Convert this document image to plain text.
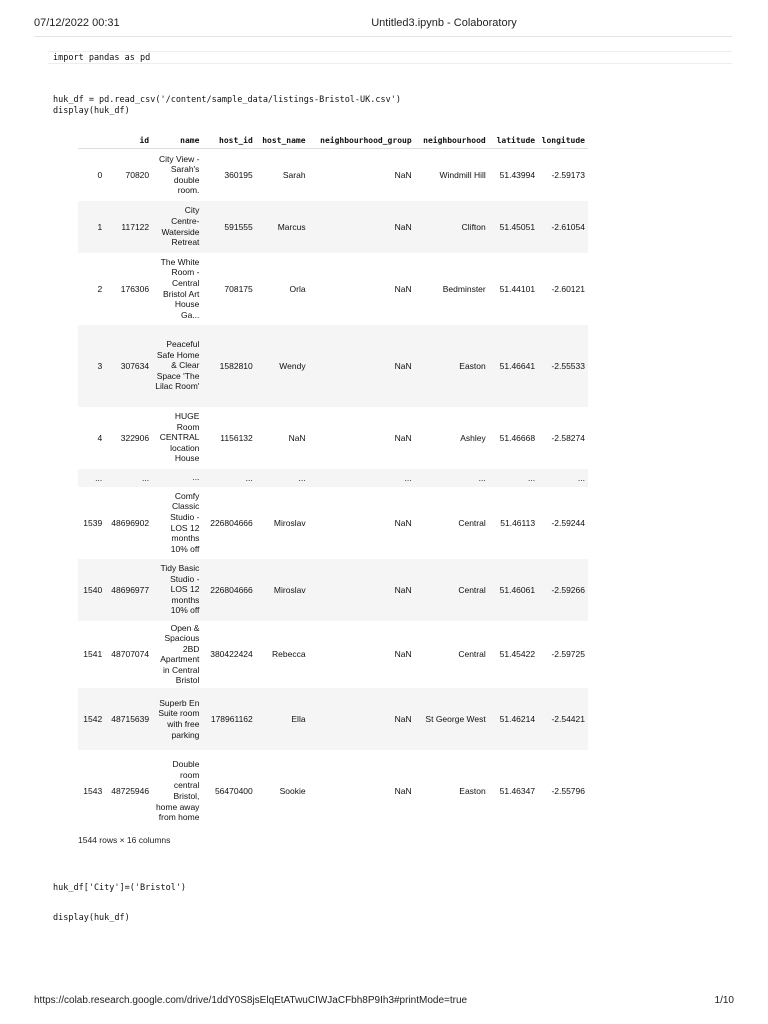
07/12/2022 00:31	Untitled3.ipynb - Colaboratory
import pandas as pd
huk_df = pd.read_csv('/content/sample_data/listings-Bristol-UK.csv')
display(huk_df)
	id	name	host_id	host_name	neighbourhood_group	neighbourhood	latitude	longitude
0	70820	City View - Sarah's double room.	360195	Sarah	NaN	Windmill Hill	51.43994	-2.59173
1	117122	City Centre-Waterside Retreat	591555	Marcus	NaN	Clifton	51.45051	-2.61054
2	176306	The White Room - Central Bristol Art House Ga...	708175	Orla	NaN	Bedminster	51.44101	-2.60121
3	307634	Peaceful Safe Home & Clear Space 'The Lilac Room'	1582810	Wendy	NaN	Easton	51.46641	-2.55533
4	322906	HUGE Room CENTRAL location House	1156132	NaN	NaN	Ashley	51.46668	-2.58274
...	...	...	...	...	...	...	...	...
1539	48696902	Comfy Classic Studio - LOS 12 months 10% off	226804666	Miroslav	NaN	Central	51.46113	-2.59244
1540	48696977	Tidy Basic Studio - LOS 12 months 10% off	226804666	Miroslav	NaN	Central	51.46061	-2.59266
1541	48707074	Open & Spacious 2BD Apartment in Central Bristol	380422424	Rebecca	NaN	Central	51.45422	-2.59725
1542	48715639	Superb En Suite room with free parking	178961162	Ella	NaN	St George West	51.46214	-2.54421
1543	48725946	Double room central Bristol, home away from home	56470400	Sookie	NaN	Easton	51.46347	-2.55796
1544 rows × 16 columns
huk_df['City']=('Bristol')
display(huk_df)
https://colab.research.google.com/drive/1ddY0S8jsElqEtATwuCIWJaCFbh8P9Ih3#printMode=true	1/10
